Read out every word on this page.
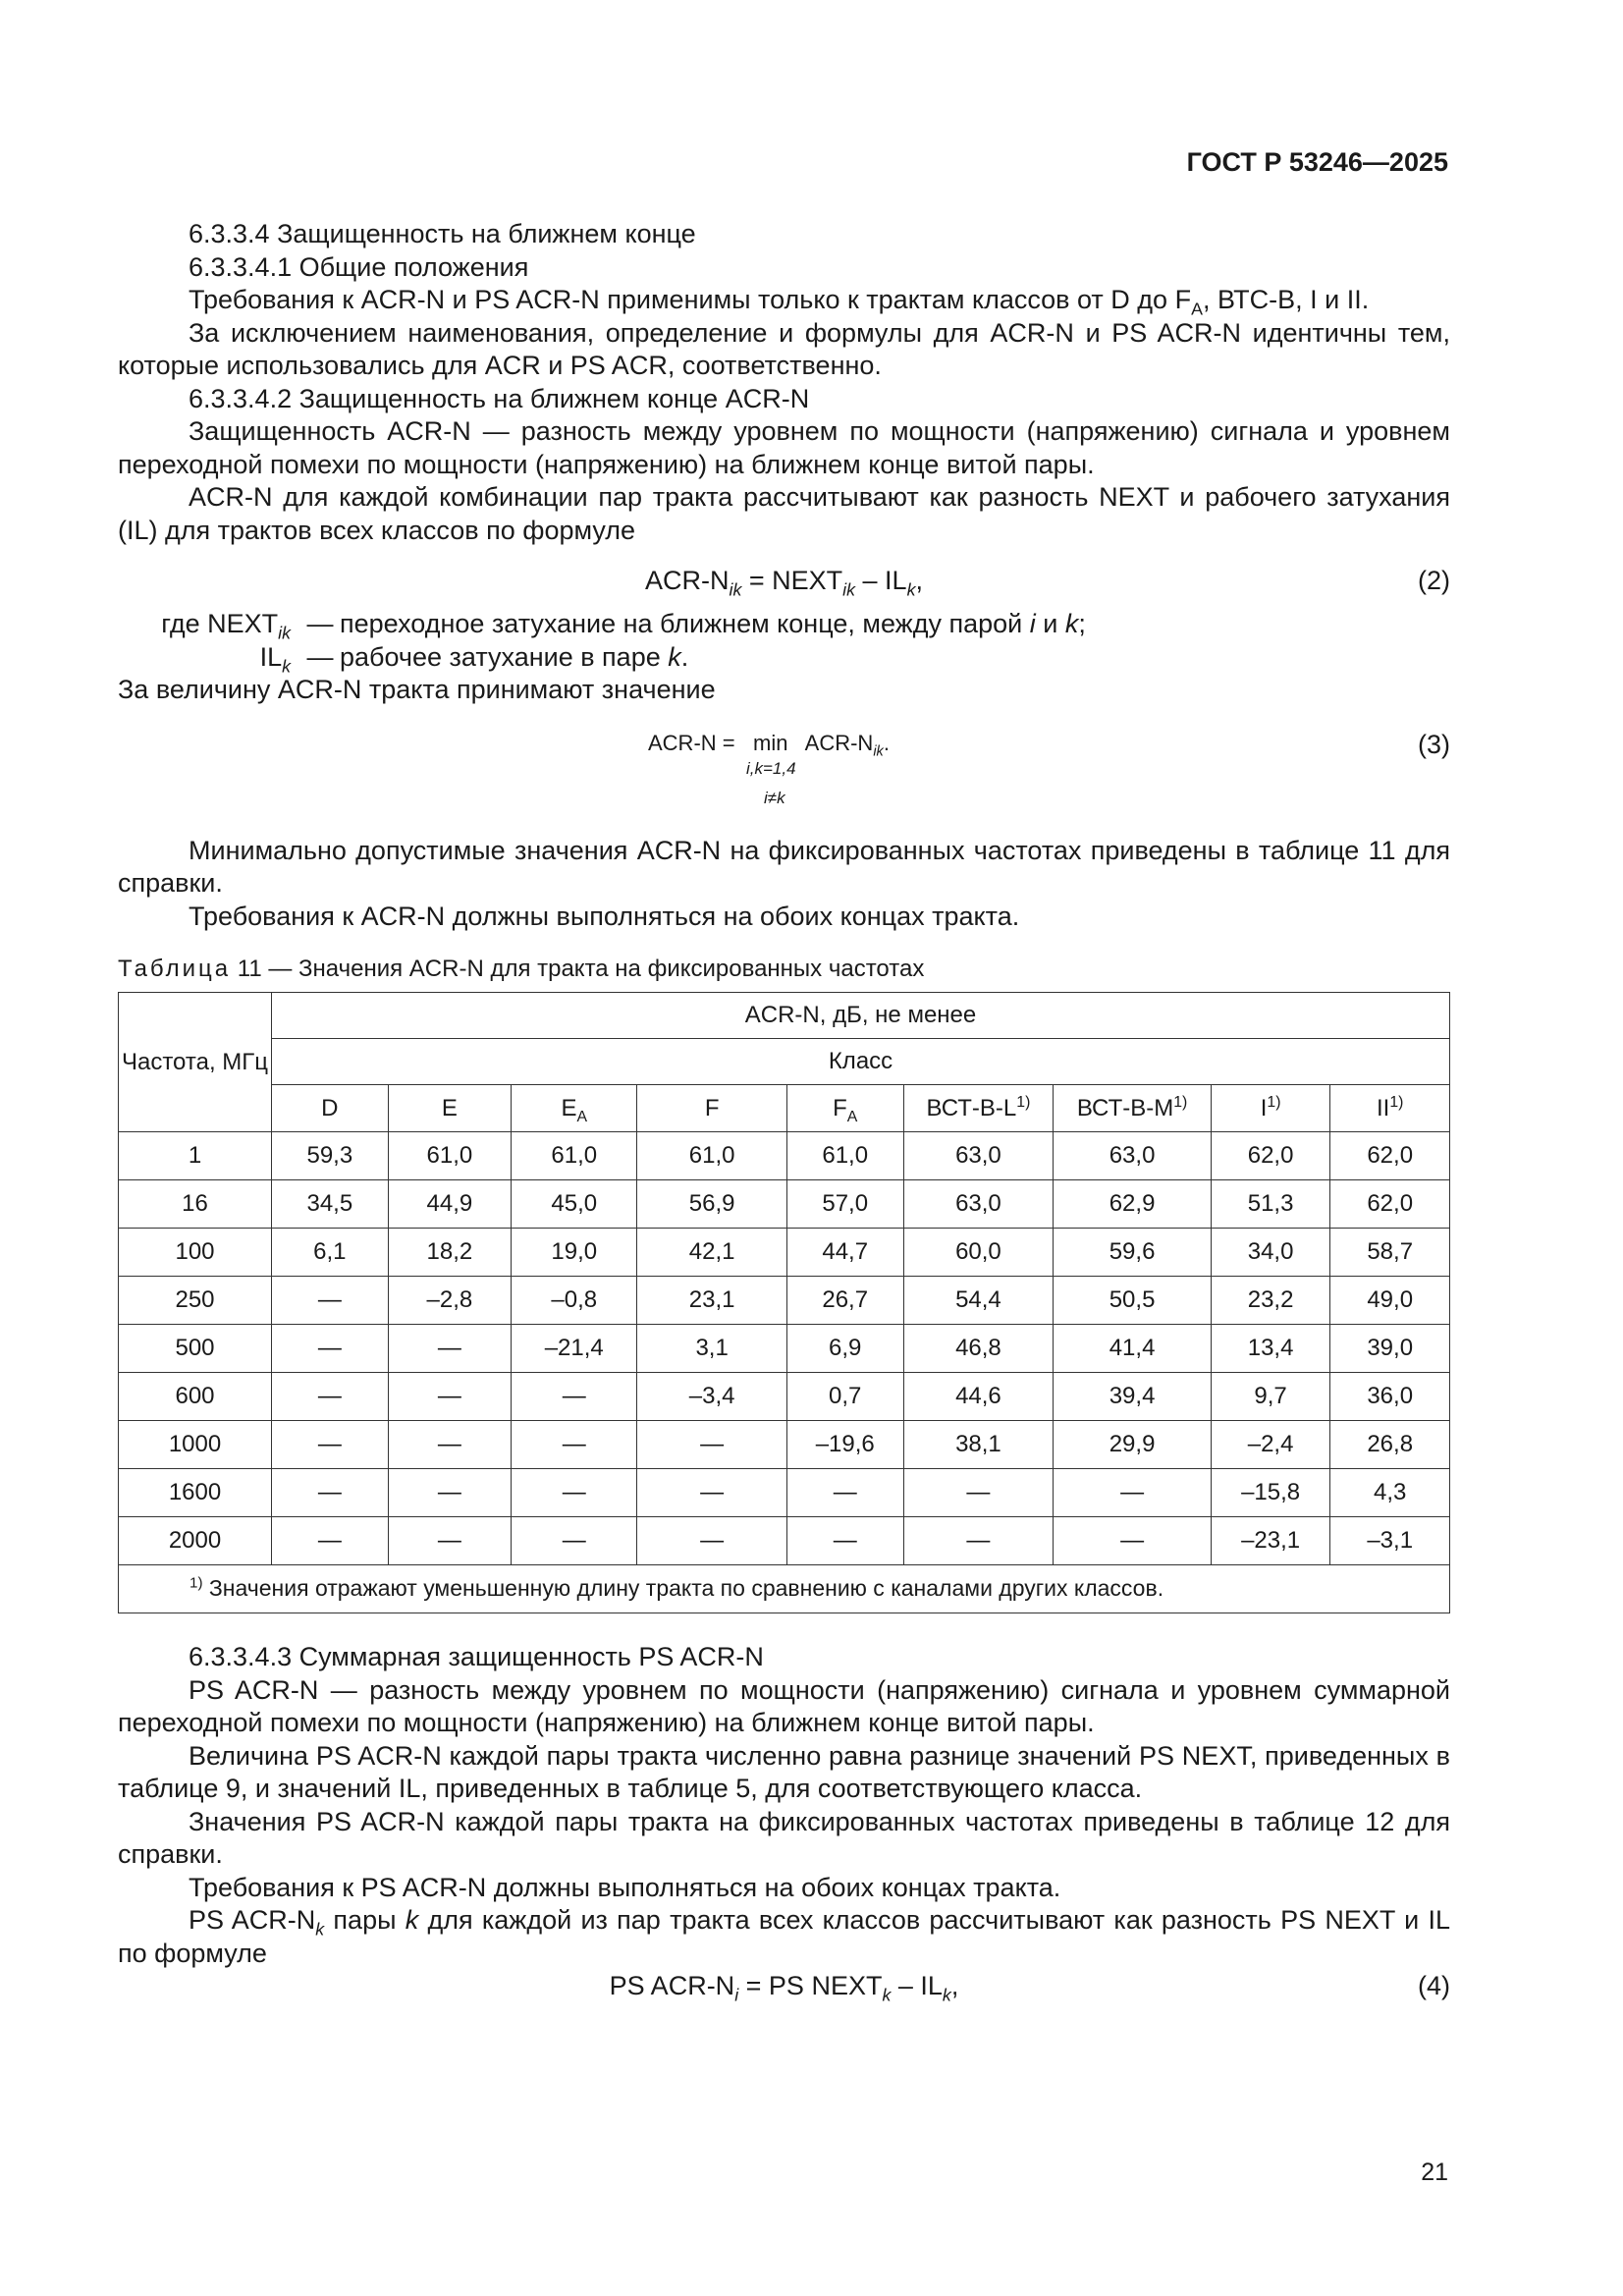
ГОСТ Р 53246—2025

6.3.3.4 Защищенность на ближнем конце

6.3.3.4.1 Общие положения

Требования к ACR-N и PS ACR-N применимы только к трактам классов от D до $F_A$, ВТС-В, I и II.

За исключением наименования, определение и формулы для ACR-N и PS ACR-N идентичны тем, которые использовались для ACR и PS ACR, соответственно.

6.3.3.4.2 Защищенность на ближнем конце ACR-N

Защищенность ACR-N — разность между уровнем по мощности (напряжению) сигнала и уровнем переходной помехи по мощности (напряжению) на ближнем конце витой пары.

ACR-N для каждой комбинации пар тракта рассчитывают как разность NEXT и рабочего затухания (IL) для трактов всех классов по формуле

ACR-$N_{ik}$ = $NEXT_{ik} - IL_k$,	(2)
где $NEXT_{ik}$ — переходное затухание на ближнем конце, между парой i и k;
$IL_k$ — рабочее затухание в паре k.

За величину ACR-N тракта принимают значение

ACR-N = min ACR-$N_{ik}$.
i,k=1,4
i≠k
(3)

Минимально допустимые значения ACR-N на фиксированных частотах приведены в таблице 11 для справки.

Требования к ACR-N должны выполняться на обоих концах тракта.

Таблица 11 — Значения ACR-N для тракта на фиксированных частотах
Частота, МГц	ACR-N, дБ, не менее								
	Класс								
	D	E	$E_A$	F	$F_A$	ВСТ-$В-L^{1)}$	ВСТ-$В-М^{1)}$	$I^{1)}$	II$^{1)}$
1	59,3	61,0	61,0	61,0	61,0	63,0	63,0	62,0	62,0
16	34,5	44,9	45,0	56,9	57,0	63,0	62,9	51,3	62,0
100	6,1	18,2	19,0	42,1	44,7	60,0	59,6	34,0	58,7
250	—	–2,8	–0,8	23,1	26,7	54,4	50,5	23,2	49,0
500	—	—	–21,4	3,1	6,9	46,8	41,4	13,4	39,0
600	—	—	—	–3,4	0,7	44,6	39,4	9,7	36,0
1000	—	—	—	—	–19,6	38,1	29,9	–2,4	26,8
1600	—	—	—	—	—	—	—	–15,8	4,3
2000	—	—	—	—	—	—	—	–23,1	–3,1
$^{1)}$ Значения отражают уменьшенную длину тракта по сравнению с каналами других классов.									

6.3.3.4.3 Суммарная защищенность PS ACR-N

PS ACR-N — разность между уровнем по мощности (напряжению) сигнала и уровнем суммарной переходной помехи по мощности (напряжению) на ближнем конце витой пары.

Величина PS ACR-N каждой пары тракта численно равна разнице значений PS NEXT, приведенных в таблице 9, и значений IL, приведенных в таблице 5, для соответствующего класса.

Значения PS ACR-N каждой пары тракта на фиксированных частотах приведены в таблице 12 для справки.

Требования к PS ACR-N должны выполняться на обоих концах тракта.

PS ACR-$N_k$ пары k для каждой из пар тракта всех классов рассчитывают как разность PS NEXT и IL по формуле

PS ACR-$N_i$ = PS $NEXT_k - IL_k$,	(4)
21
